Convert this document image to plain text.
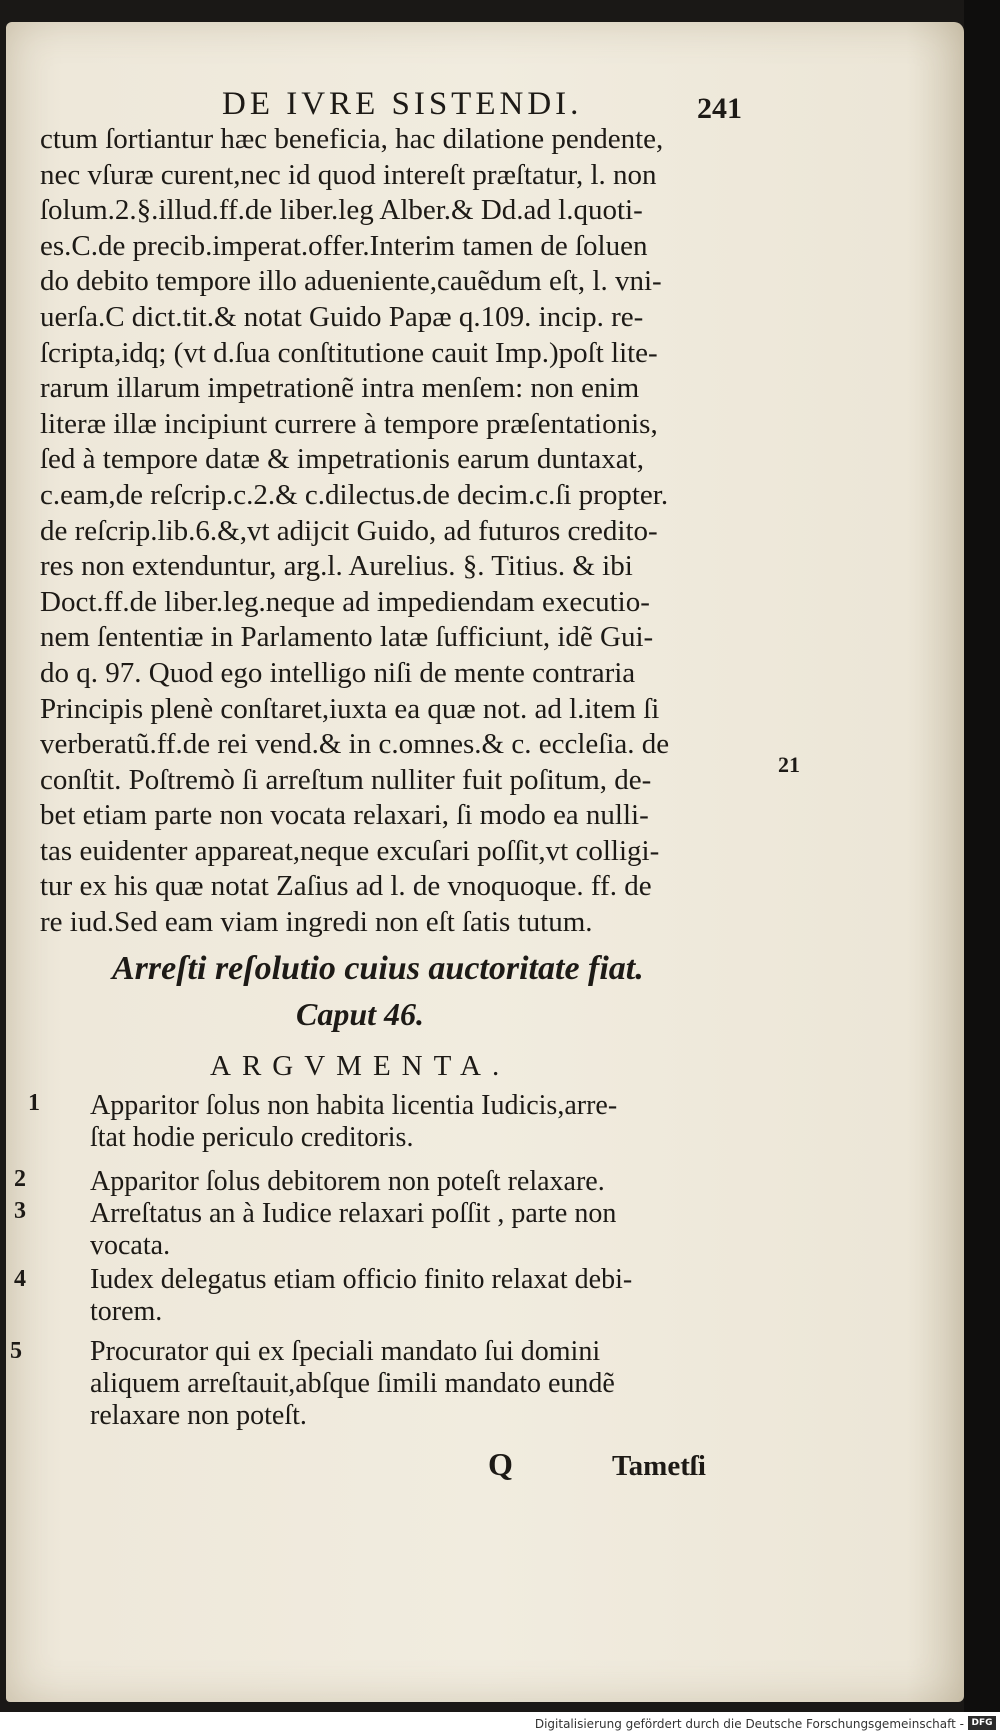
DE IVRE SISTENDI.	241
ctum ſortiantur hæc beneficia, hac dilatione pendente,
nec vſuræ curent,nec id quod intereſt præſtatur, l. non
ſolum.2.§.illud.ff.de liber.leg Alber.& Dd.ad l.quoti-
es.C.de precib.imperat.offer.Interim tamen de ſoluen
do debito tempore illo adueniente,cauẽdum eſt, l. vni-
uerſa.C dict.tit.& notat Guido Papæ q.109. incip. re-
ſcripta,idq; (vt d.ſua conſtitutione cauit Imp.)poſt lite-
rarum illarum impetrationẽ intra menſem: non enim
literæ illæ incipiunt currere à tempore præſentationis,
ſed à tempore datæ & impetrationis earum duntaxat,
c.eam,de reſcrip.c.2.& c.dilectus.de decim.c.ſi propter.
de reſcrip.lib.6.&,vt adijcit Guido, ad futuros credito-
res non extenduntur, arg.l. Aurelius. §. Titius. & ibi
Doct.ff.de liber.leg.neque ad impediendam executio-
nem ſententiæ in Parlamento latæ ſufficiunt, idẽ Gui-
do q. 97. Quod ego intelligo niſi de mente contraria
Principis plenè conſtaret,iuxta ea quæ not. ad l.item ſi
verberatũ.ff.de rei vend.& in c.omnes.& c. eccleſia. de
conſtit. Poſtremò ſi arreſtum nulliter fuit poſitum, de-
bet etiam parte non vocata relaxari, ſi modo ea nulli-
tas euidenter appareat,neque excuſari poſſit,vt colligi-
tur ex his quæ notat Zaſius ad l. de vnoquoque. ff. de
re iud.Sed eam viam ingredi non eſt ſatis tutum.
21
Arreſti reſolutio cuius auctoritate fiat.
Caput 46.
ARGVMENTA.
1 Apparitor ſolus non habita licentia Iudicis,arre-
ſtat hodie periculo creditoris.
2 Apparitor ſolus debitorem non poteſt relaxare.
3 Arreſtatus an à Iudice relaxari poſſit , parte non
vocata.
4 Iudex delegatus etiam officio finito relaxat debi-
torem.
5 Procurator qui ex ſpeciali mandato ſui domini
aliquem arreſtauit,abſque ſimili mandato eundẽ
relaxare non poteſt.
Q	Tametſi
Digitalisierung gefördert durch die Deutsche Forschungsgemeinschaft - DFG
